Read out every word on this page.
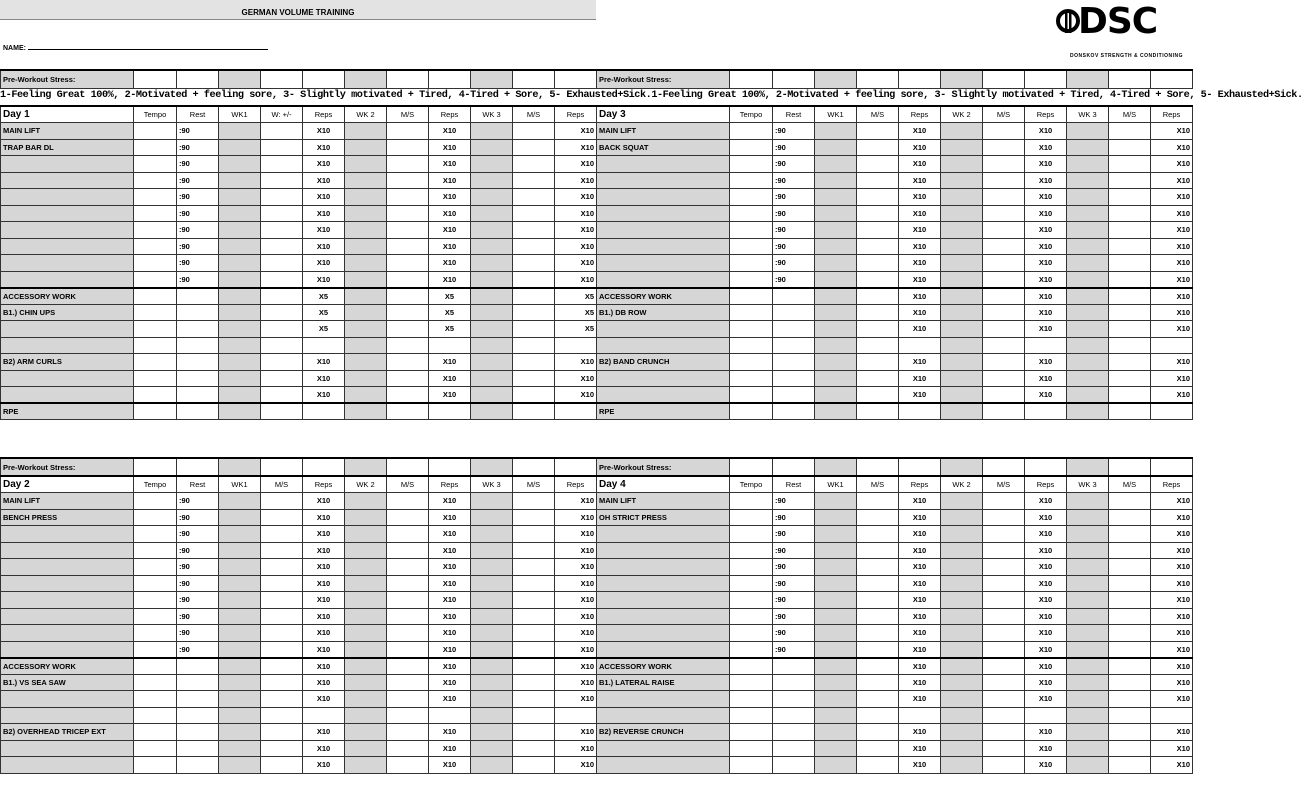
GERMAN VOLUME TRAINING
NAME:
DSC
DONSKOV STRENGTH & CONDITIONING
1-Feeling Great 100%, 2-Motivated + feeling sore, 3- Slightly motivated + Tired, 4-Tired + Sore, 5- Exhausted+Sick.1-Feeling Great 100%, 2-Motivated + feeling sore, 3- Slightly motivated + Tired, 4-Tired + Sore, 5- Exhausted+Sick.
Pre-Workout Stress:											

Day 1	Tempo	Rest	WK1	W: +/-	Reps	WK 2	M/S	Reps	WK 3	M/S	Reps
MAIN LIFT		:90			X10			X10			X10
TRAP BAR DL		:90			X10			X10			X10
		:90			X10			X10			X10
		:90			X10			X10			X10
		:90			X10			X10			X10
		:90			X10			X10			X10
		:90			X10			X10			X10
		:90			X10			X10			X10
		:90			X10			X10			X10
		:90			X10			X10			X10
ACCESSORY WORK					X5			X5			X5
B1.) CHIN UPS					X5			X5			X5
					X5			X5			X5

B2) ARM CURLS					X10			X10			X10
					X10			X10			X10
					X10			X10			X10
RPE											
Pre-Workout Stress:											

Day 3	Tempo	Rest	WK1	M/S	Reps	WK 2	M/S	Reps	WK 3	M/S	Reps
MAIN LIFT		:90			X10			X10			X10
BACK SQUAT		:90			X10			X10			X10
		:90			X10			X10			X10
		:90			X10			X10			X10
		:90			X10			X10			X10
		:90			X10			X10			X10
		:90			X10			X10			X10
		:90			X10			X10			X10
		:90			X10			X10			X10
		:90			X10			X10			X10
ACCESSORY WORK					X10			X10			X10
B1.) DB ROW					X10			X10			X10
					X10			X10			X10

B2) BAND CRUNCH					X10			X10			X10
					X10			X10			X10
					X10			X10			X10
RPE											
Pre-Workout Stress:											
Day 2	Tempo	Rest	WK1	M/S	Reps	WK 2	M/S	Reps	WK 3	M/S	Reps
MAIN LIFT		:90			X10			X10			X10
BENCH PRESS		:90			X10			X10			X10
		:90			X10			X10			X10
		:90			X10			X10			X10
		:90			X10			X10			X10
		:90			X10			X10			X10
		:90			X10			X10			X10
		:90			X10			X10			X10
		:90			X10			X10			X10
		:90			X10			X10			X10
ACCESSORY WORK					X10			X10			X10
B1.) VS SEA SAW					X10			X10			X10
					X10			X10			X10

B2) OVERHEAD TRICEP EXT					X10			X10			X10
					X10			X10			X10
					X10			X10			X10
Pre-Workout Stress:											
Day 4	Tempo	Rest	WK1	M/S	Reps	WK 2	M/S	Reps	WK 3	M/S	Reps
MAIN LIFT		:90			X10			X10			X10
OH STRICT PRESS		:90			X10			X10			X10
		:90			X10			X10			X10
		:90			X10			X10			X10
		:90			X10			X10			X10
		:90			X10			X10			X10
		:90			X10			X10			X10
		:90			X10			X10			X10
		:90			X10			X10			X10
		:90			X10			X10			X10
ACCESSORY WORK					X10			X10			X10
B1.) LATERAL RAISE					X10			X10			X10
					X10			X10			X10

B2) REVERSE CRUNCH					X10			X10			X10
					X10			X10			X10
					X10			X10			X10
